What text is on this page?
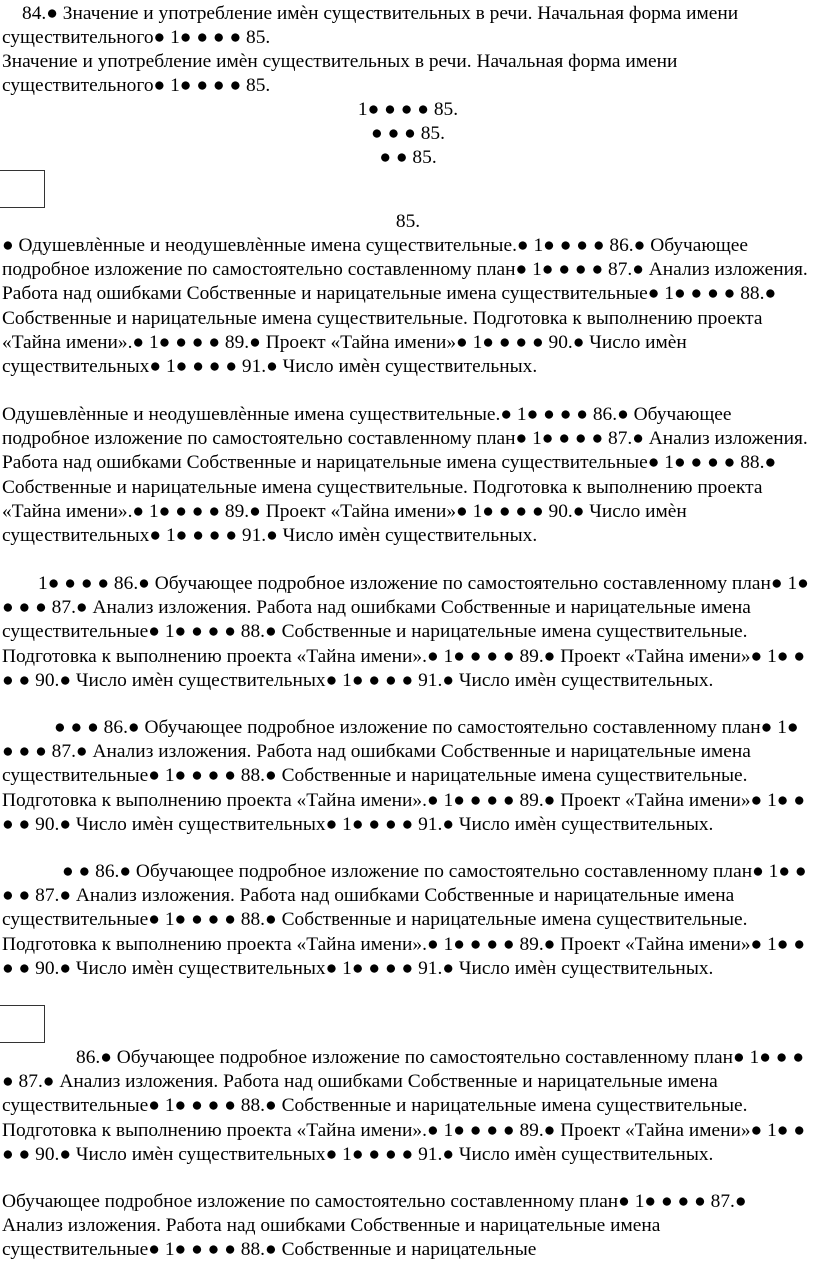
84.● Значение и употребление имѐн существительных в речи. Начальная форма имени

существительного● 1● ● ● ● 85.

Значение и употребление имѐн существительных в речи. Начальная форма имени

существительного● 1● ● ● ● 85.

1● ● ● ● 85.

● ● ● 85.

● ● 85.

85.

● Одушевлѐнные и неодушевлѐнные имена существительные.● 1● ● ● ● 86.● Обучающее подробное изложение по самостоятельно составленному план● 1● ● ● ● 87.● Анализ изложения. Работа над ошибками Собственные и нарицательные имена существительные● 1● ● ● ● 88.● Собственные и нарицательные имена существительные. Подготовка к выполнению проекта «Тайна имени».● 1● ● ● ● 89.● Проект «Тайна имени»● 1● ● ● ● 90.● Число имѐн существительных● 1● ● ● ● 91.● Число имѐн существительных.

Одушевлѐнные и неодушевлѐнные имена существительные.● 1● ● ● ● 86.● Обучающее подробное изложение по самостоятельно составленному план● 1● ● ● ● 87.● Анализ изложения. Работа над ошибками Собственные и нарицательные имена существительные● 1● ● ● ● 88.● Собственные и нарицательные имена существительные. Подготовка к выполнению проекта «Тайна имени».● 1● ● ● ● 89.● Проект «Тайна имени»● 1● ● ● ● 90.● Число имѐн существительных● 1● ● ● ● 91.● Число имѐн существительных.

1● ● ● ● 86.● Обучающее подробное изложение по самостоятельно составленному план● 1● ● ● ● 87.● Анализ изложения. Работа над ошибками Собственные и нарицательные имена существительные● 1● ● ● ● 88.● Собственные и нарицательные имена существительные. Подготовка к выполнению проекта «Тайна имени».● 1● ● ● ● 89.● Проект «Тайна имени»● 1● ● ● ● 90.● Число имѐн существительных● 1● ● ● ● 91.● Число имѐн существительных.

● ● ● 86.● Обучающее подробное изложение по самостоятельно составленному план● 1● ● ● ● 87.● Анализ изложения. Работа над ошибками Собственные и нарицательные имена существительные● 1● ● ● ● 88.● Собственные и нарицательные имена существительные. Подготовка к выполнению проекта «Тайна имени».● 1● ● ● ● 89.● Проект «Тайна имени»● 1● ● ● ● 90.● Число имѐн существительных● 1● ● ● ● 91.● Число имѐн существительных.

● ● 86.● Обучающее подробное изложение по самостоятельно составленному план● 1● ● ● ● 87.● Анализ изложения. Работа над ошибками Собственные и нарицательные имена существительные● 1● ● ● ● 88.● Собственные и нарицательные имена существительные. Подготовка к выполнению проекта «Тайна имени».● 1● ● ● ● 89.● Проект «Тайна имени»● 1● ● ● ● 90.● Число имѐн существительных● 1● ● ● ● 91.● Число имѐн существительных.

86.● Обучающее подробное изложение по самостоятельно составленному план● 1● ● ● ● 87.● Анализ изложения. Работа над ошибками Собственные и нарицательные имена существительные● 1● ● ● ● 88.● Собственные и нарицательные имена существительные. Подготовка к выполнению проекта «Тайна имени».● 1● ● ● ● 89.● Проект «Тайна имени»● 1● ● ● ● 90.● Число имѐн существительных● 1● ● ● ● 91.● Число имѐн существительных.

Обучающее подробное изложение по самостоятельно составленному план● 1● ● ● ● 87.● Анализ изложения. Работа над ошибками Собственные и нарицательные имена существительные● 1● ● ● ● 88.● Собственные и нарицательные
